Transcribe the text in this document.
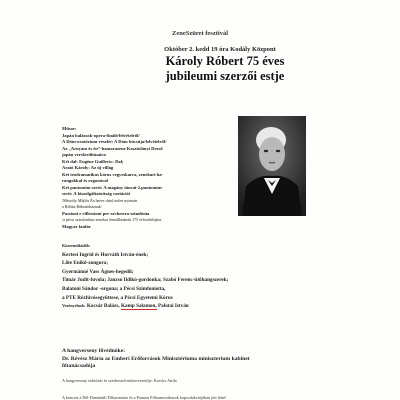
ZeneSzüret fesztivál
Október 2. kedd 19 óra Kodály Központ
Károly Róbert 75 éves
jubileumi szerzői estje
Műsor:
Japán balázsok-opera-finálé/felvételről/
A Dóm-oratórium-részlet: A Dóm búcsúja/felvételről/
Az „Arnyam és én”-hamarazene Kosztolányi Dezső
japán versfordításaira
Két dal: Eugène Guillevic: Dal;
Arató Károly: Az új villág
Két teodramatikus kórus vegyeskarra, zenekari ha-
rangokkal és orgonával
Két pantomim-szvit: A magány táncai-2.pantomim-
szvit: A kiszolgáltatottság variációi
/Mészöly Miklós Én hetve című műve nyomán
a Bóbita Bábszínháznak/
Passioni e riflessioni per orchestra-szimfónia
/a pécsi szimfonikus zenekar fennállásának 175 évfordulójára/
Magyar fanfár
Közreműködik:
Kertesi Ingrid és Horváth István-ének;
Lőte Enikő-zongora;
Gyermánné Vass Ágnes-hegedű;
Timár Judit-fuvola; Janzsó Ildikó-gordonka; Szabó Ferenc-ütőhangszerek;
Balatoni Sándor -orgona; a Pécsi Szimfonietta,
a PTE Rézfúvósegyüttese, a Pécsi Egyetemi Kórus
Vezényelnek: Kocsár Balázs, Kamp Salamon, Palotai István
A hangverseny fővédnöke:
Dr. Révész Mária az Emberi Erőforrások Minisztériuma miniszterium kabinet
főtanácsadója
A hangverseny videózás és szerkesztő-műsorvezetője: Kovács Attila
A koncert a Dél-Dunántúli Filharmónia és a Pannon Filharmonikusok koprodukciójában jött létre!
